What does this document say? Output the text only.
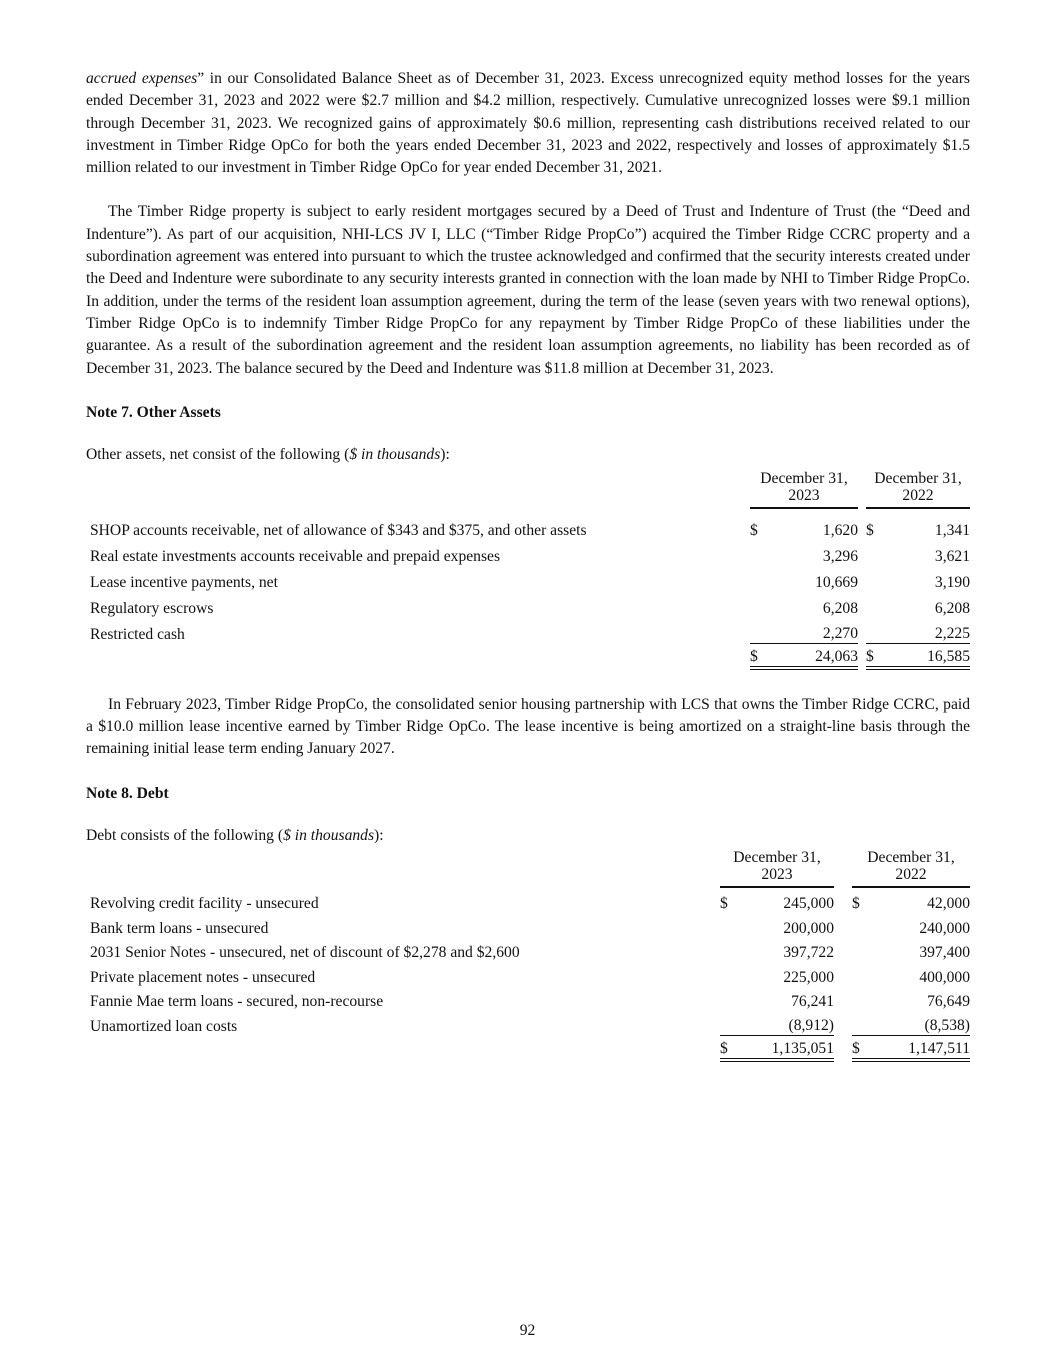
accrued expenses” in our Consolidated Balance Sheet as of December 31, 2023. Excess unrecognized equity method losses for the years ended December 31, 2023 and 2022 were $2.7 million and $4.2 million, respectively. Cumulative unrecognized losses were $9.1 million through December 31, 2023. We recognized gains of approximately $0.6 million, representing cash distributions received related to our investment in Timber Ridge OpCo for both the years ended December 31, 2023 and 2022, respectively and losses of approximately $1.5 million related to our investment in Timber Ridge OpCo for year ended December 31, 2021.

The Timber Ridge property is subject to early resident mortgages secured by a Deed of Trust and Indenture of Trust (the “Deed and Indenture”). As part of our acquisition, NHI-LCS JV I, LLC (“Timber Ridge PropCo”) acquired the Timber Ridge CCRC property and a subordination agreement was entered into pursuant to which the trustee acknowledged and confirmed that the security interests created under the Deed and Indenture were subordinate to any security interests granted in connection with the loan made by NHI to Timber Ridge PropCo. In addition, under the terms of the resident loan assumption agreement, during the term of the lease (seven years with two renewal options), Timber Ridge OpCo is to indemnify Timber Ridge PropCo for any repayment by Timber Ridge PropCo of these liabilities under the guarantee. As a result of the subordination agreement and the resident loan assumption agreements, no liability has been recorded as of December 31, 2023. The balance secured by the Deed and Indenture was $11.8 million at December 31, 2023.

Note 7. Other Assets

Other assets, net consist of the following ($ in thousands):

	December 31,
2023			December 31,
2022	

SHOP accounts receivable, net of allowance of $343 and $375, and other assets	$	1,620		$	1,341
Real estate investments accounts receivable and prepaid expenses		3,296			3,621
Lease incentive payments, net		10,669			3,190
Regulatory escrows		6,208			6,208
Restricted cash		2,270			2,225
	$	24,063		$	16,585

In February 2023, Timber Ridge PropCo, the consolidated senior housing partnership with LCS that owns the Timber Ridge CCRC, paid a $10.0 million lease incentive earned by Timber Ridge OpCo. The lease incentive is being amortized on a straight-line basis through the remaining initial lease term ending January 2027.

Note 8. Debt

Debt consists of the following ($ in thousands):

	December 31,
2023			December 31,
2022	

Revolving credit facility - unsecured	$	245,000		$	42,000
Bank term loans - unsecured		200,000			240,000
2031 Senior Notes - unsecured, net of discount of $2,278 and $2,600		397,722			397,400
Private placement notes - unsecured		225,000			400,000
Fannie Mae term loans - secured, non-recourse		76,241			76,649
Unamortized loan costs		(8,912)			(8,538)
	$	1,135,051		$	1,147,511
92
